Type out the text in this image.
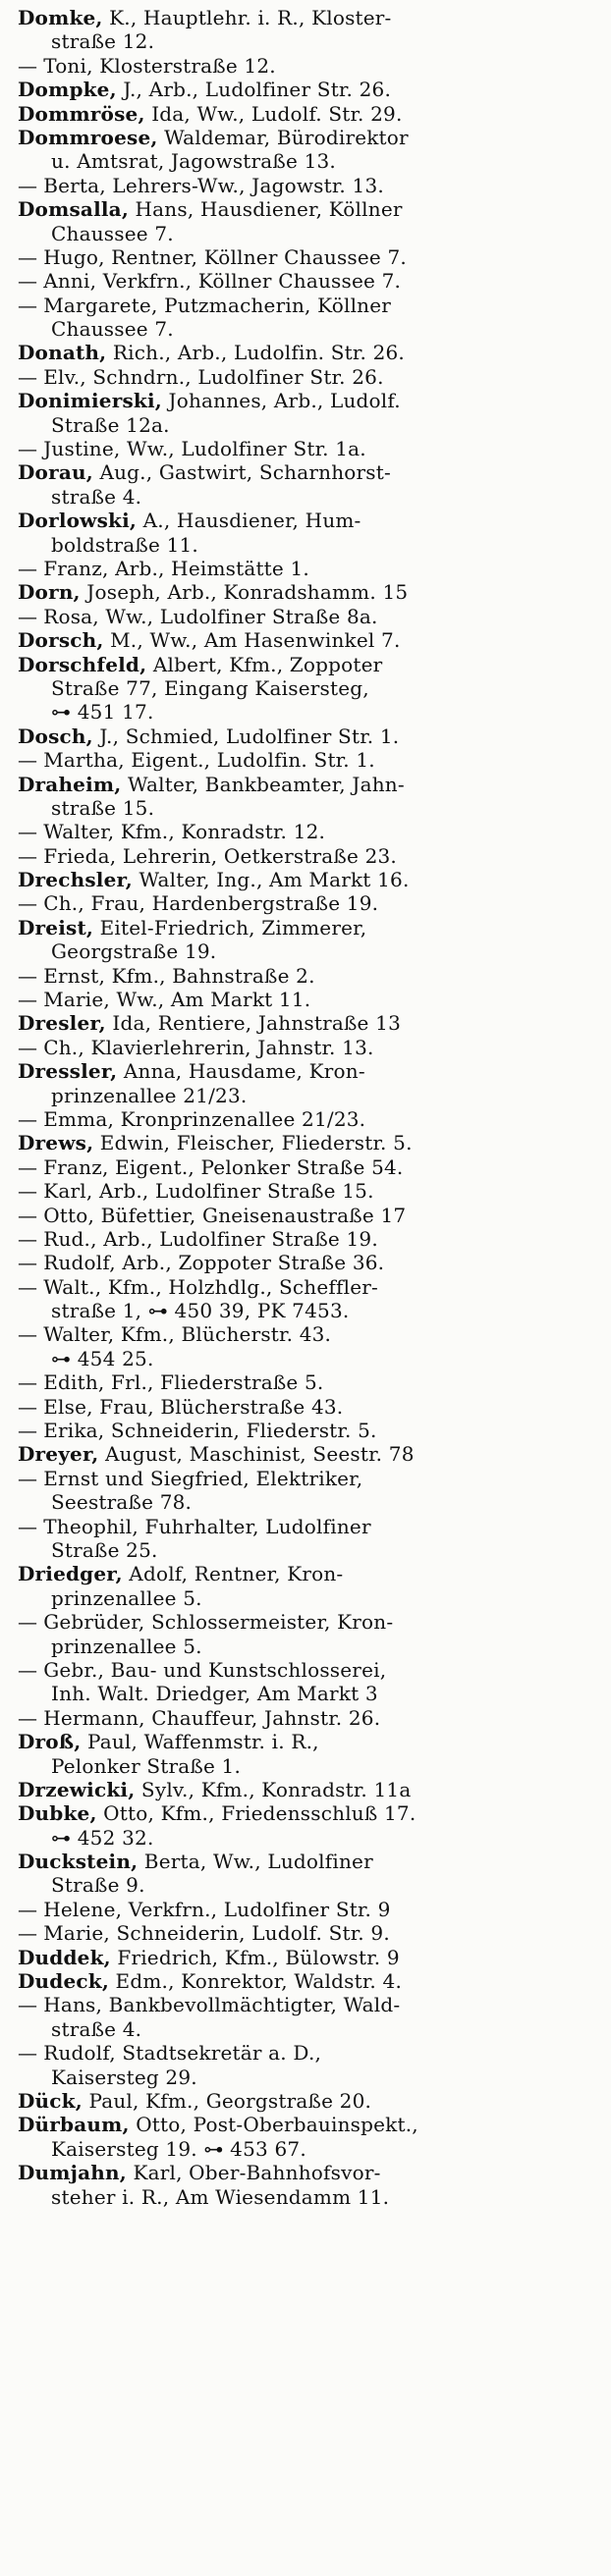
Domke, K., Hauptlehr. i. R., Kloster-
straße 12.
— Toni, Klosterstraße 12.
Dompke, J., Arb., Ludolfiner Str. 26.
Dommröse, Ida, Ww., Ludolf. Str. 29.
Dommroese, Waldemar, Bürodirektor
u. Amtsrat, Jagowstraße 13.
— Berta, Lehrers-Ww., Jagowstr. 13.
Domsalla, Hans, Hausdiener, Köllner
Chaussee 7.
— Hugo, Rentner, Köllner Chaussee 7.
— Anni, Verkfrn., Köllner Chaussee 7.
— Margarete, Putzmacherin, Köllner
Chaussee 7.
Donath, Rich., Arb., Ludolfin. Str. 26.
— Elv., Schndrn., Ludolfiner Str. 26.
Donimierski, Johannes, Arb., Ludolf.
Straße 12a.
— Justine, Ww., Ludolfiner Str. 1a.
Dorau, Aug., Gastwirt, Scharnhorst-
straße 4.
Dorlowski, A., Hausdiener, Hum-
boldstraße 11.
— Franz, Arb., Heimstätte 1.
Dorn, Joseph, Arb., Konradshamm. 15
— Rosa, Ww., Ludolfiner Straße 8a.
Dorsch, M., Ww., Am Hasenwinkel 7.
Dorschfeld, Albert, Kfm., Zoppoter
Straße 77, Eingang Kaisersteg,
⊶ 451 17.
Dosch, J., Schmied, Ludolfiner Str. 1.
— Martha, Eigent., Ludolfin. Str. 1.
Draheim, Walter, Bankbeamter, Jahn-
straße 15.
— Walter, Kfm., Konradstr. 12.
— Frieda, Lehrerin, Oetkerstraße 23.
Drechsler, Walter, Ing., Am Markt 16.
— Ch., Frau, Hardenbergstraße 19.
Dreist, Eitel-Friedrich, Zimmerer,
Georgstraße 19.
— Ernst, Kfm., Bahnstraße 2.
— Marie, Ww., Am Markt 11.
Dresler, Ida, Rentiere, Jahnstraße 13
— Ch., Klavierlehrerin, Jahnstr. 13.
Dressler, Anna, Hausdame, Kron-
prinzenallee 21/23.
— Emma, Kronprinzenallee 21/23.
Drews, Edwin, Fleischer, Fliederstr. 5.
— Franz, Eigent., Pelonker Straße 54.
— Karl, Arb., Ludolfiner Straße 15.
— Otto, Büfettier, Gneisenaustraße 17
— Rud., Arb., Ludolfiner Straße 19.
— Rudolf, Arb., Zoppoter Straße 36.
— Walt., Kfm., Holzhdlg., Scheffler-
straße 1, ⊶ 450 39, PK 7453.
— Walter, Kfm., Blücherstr. 43.
⊶ 454 25.
— Edith, Frl., Fliederstraße 5.
— Else, Frau, Blücherstraße 43.
— Erika, Schneiderin, Fliederstr. 5.
Dreyer, August, Maschinist, Seestr. 78
— Ernst und Siegfried, Elektriker,
Seestraße 78.
— Theophil, Fuhrhalter, Ludolfiner
Straße 25.
Driedger, Adolf, Rentner, Kron-
prinzenallee 5.
— Gebrüder, Schlossermeister, Kron-
prinzenallee 5.
— Gebr., Bau- und Kunstschlosserei,
Inh. Walt. Driedger, Am Markt 3
— Hermann, Chauffeur, Jahnstr. 26.
Droß, Paul, Waffenmstr. i. R.,
Pelonker Straße 1.
Drzewicki, Sylv., Kfm., Konradstr. 11a
Dubke, Otto, Kfm., Friedensschluß 17.
⊶ 452 32.
Duckstein, Berta, Ww., Ludolfiner
Straße 9.
— Helene, Verkfrn., Ludolfiner Str. 9
— Marie, Schneiderin, Ludolf. Str. 9.
Duddek, Friedrich, Kfm., Bülowstr. 9
Dudeck, Edm., Konrektor, Waldstr. 4.
— Hans, Bankbevollmächtigter, Wald-
straße 4.
— Rudolf, Stadtsekretär a. D.,
Kaisersteg 29.
Dück, Paul, Kfm., Georgstraße 20.
Dürbaum, Otto, Post-Oberbauinspekt.,
Kaisersteg 19. ⊶ 453 67.
Dumjahn, Karl, Ober-Bahnhofsvor-
steher i. R., Am Wiesendamm 11.
